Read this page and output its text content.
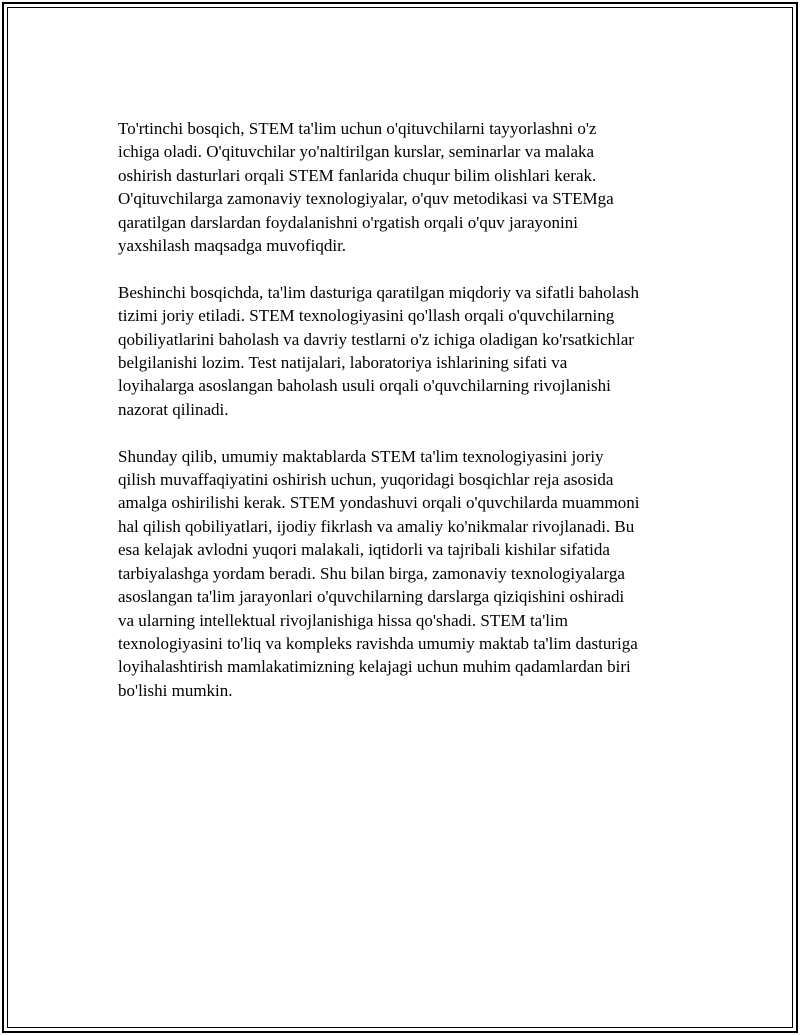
To'rtinchi bosqich, STEM ta'lim uchun o'qituvchilarni tayyorlashni o'z
ichiga oladi. O'qituvchilar yo'naltirilgan kurslar, seminarlar va malaka
oshirish dasturlari orqali STEM fanlarida chuqur bilim olishlari kerak.
O'qituvchilarga zamonaviy texnologiyalar, o'quv metodikasi va STEMga
qaratilgan darslardan foydalanishni o'rgatish orqali o'quv jarayonini
yaxshilash maqsadga muvofiqdir.

Beshinchi bosqichda, ta'lim dasturiga qaratilgan miqdoriy va sifatli baholash
tizimi joriy etiladi. STEM texnologiyasini qo'llash orqali o'quvchilarning
qobiliyatlarini baholash va davriy testlarni o'z ichiga oladigan ko'rsatkichlar
belgilanishi lozim. Test natijalari, laboratoriya ishlarining sifati va
loyihalarga asoslangan baholash usuli orqali o'quvchilarning rivojlanishi
nazorat qilinadi.

Shunday qilib, umumiy maktablarda STEM ta'lim texnologiyasini joriy
qilish muvaffaqiyatini oshirish uchun, yuqoridagi bosqichlar reja asosida
amalga oshirilishi kerak. STEM yondashuvi orqali o'quvchilarda muammoni
hal qilish qobiliyatlari, ijodiy fikrlash va amaliy ko'nikmalar rivojlanadi. Bu
esa kelajak avlodni yuqori malakali, iqtidorli va tajribali kishilar sifatida
tarbiyalashga yordam beradi. Shu bilan birga, zamonaviy texnologiyalarga
asoslangan ta'lim jarayonlari o'quvchilarning darslarga qiziqishini oshiradi
va ularning intellektual rivojlanishiga hissa qo'shadi. STEM ta'lim
texnologiyasini to'liq va kompleks ravishda umumiy maktab ta'lim dasturiga
loyihalashtirish mamlakatimizning kelajagi uchun muhim qadamlardan biri
bo'lishi mumkin.
